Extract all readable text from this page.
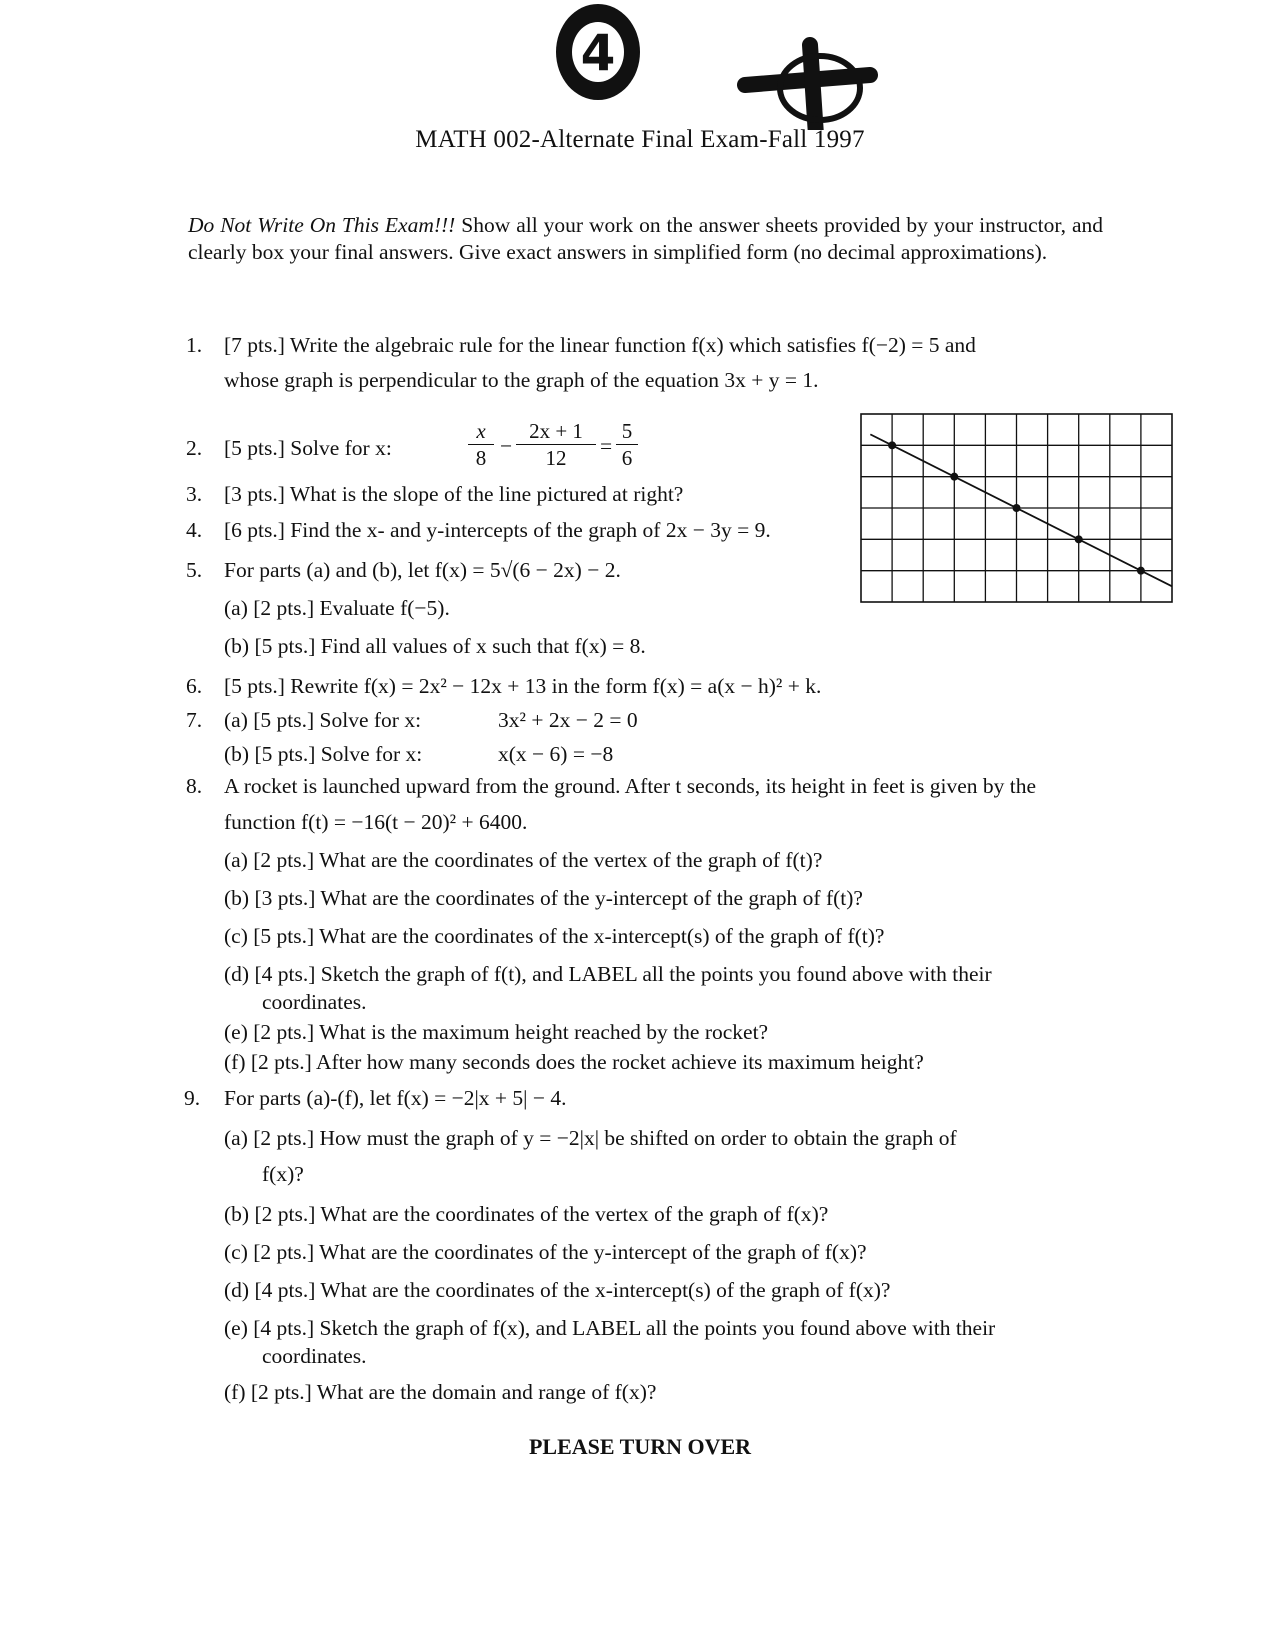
4
MATH 002-Alternate Final Exam-Fall 1997
Do Not Write On This Exam!!! Show all your work on the answer sheets provided by your instructor, and clearly box your final answers. Give exact answers in simplified form (no decimal approximations).
1. [7 pts.] Write the algebraic rule for the linear function f(x) which satisfies f(−2) = 5 and
whose graph is perpendicular to the graph of the equation 3x + y = 1.
2. [5 pts.] Solve for x:
x
8 −
2x + 1
12	=
5
6
3. [3 pts.] What is the slope of the line pictured at right?
4. [6 pts.] Find the x- and y-intercepts of the graph of 2x − 3y = 9.
5. For parts (a) and (b), let f(x) = 5√(6 − 2x) − 2.
(a) [2 pts.] Evaluate f(−5).
(b) [5 pts.] Find all values of x such that f(x) = 8.
6. [5 pts.] Rewrite f(x) = 2x² − 12x + 13 in the form f(x) = a(x − h)² + k.
7. (a) [5 pts.] Solve for x:	3x² + 2x − 2 = 0
(b) [5 pts.] Solve for x:	x(x − 6) = −8
8. A rocket is launched upward from the ground. After t seconds, its height in feet is given by the
function f(t) = −16(t − 20)² + 6400.
(a) [2 pts.] What are the coordinates of the vertex of the graph of f(t)?
(b) [3 pts.] What are the coordinates of the y-intercept of the graph of f(t)?
(c) [5 pts.] What are the coordinates of the x-intercept(s) of the graph of f(t)?
(d) [4 pts.] Sketch the graph of f(t), and LABEL all the points you found above with their
coordinates.
(e) [2 pts.] What is the maximum height reached by the rocket?
(f) [2 pts.] After how many seconds does the rocket achieve its maximum height?
9. For parts (a)-(f), let f(x) = −2|x + 5| − 4.
(a) [2 pts.] How must the graph of y = −2|x| be shifted on order to obtain the graph of
f(x)?
(b) [2 pts.] What are the coordinates of the vertex of the graph of f(x)?
(c) [2 pts.] What are the coordinates of the y-intercept of the graph of f(x)?
(d) [4 pts.] What are the coordinates of the x-intercept(s) of the graph of f(x)?
(e) [4 pts.] Sketch the graph of f(x), and LABEL all the points you found above with their
coordinates.
(f) [2 pts.] What are the domain and range of f(x)?
PLEASE TURN OVER
